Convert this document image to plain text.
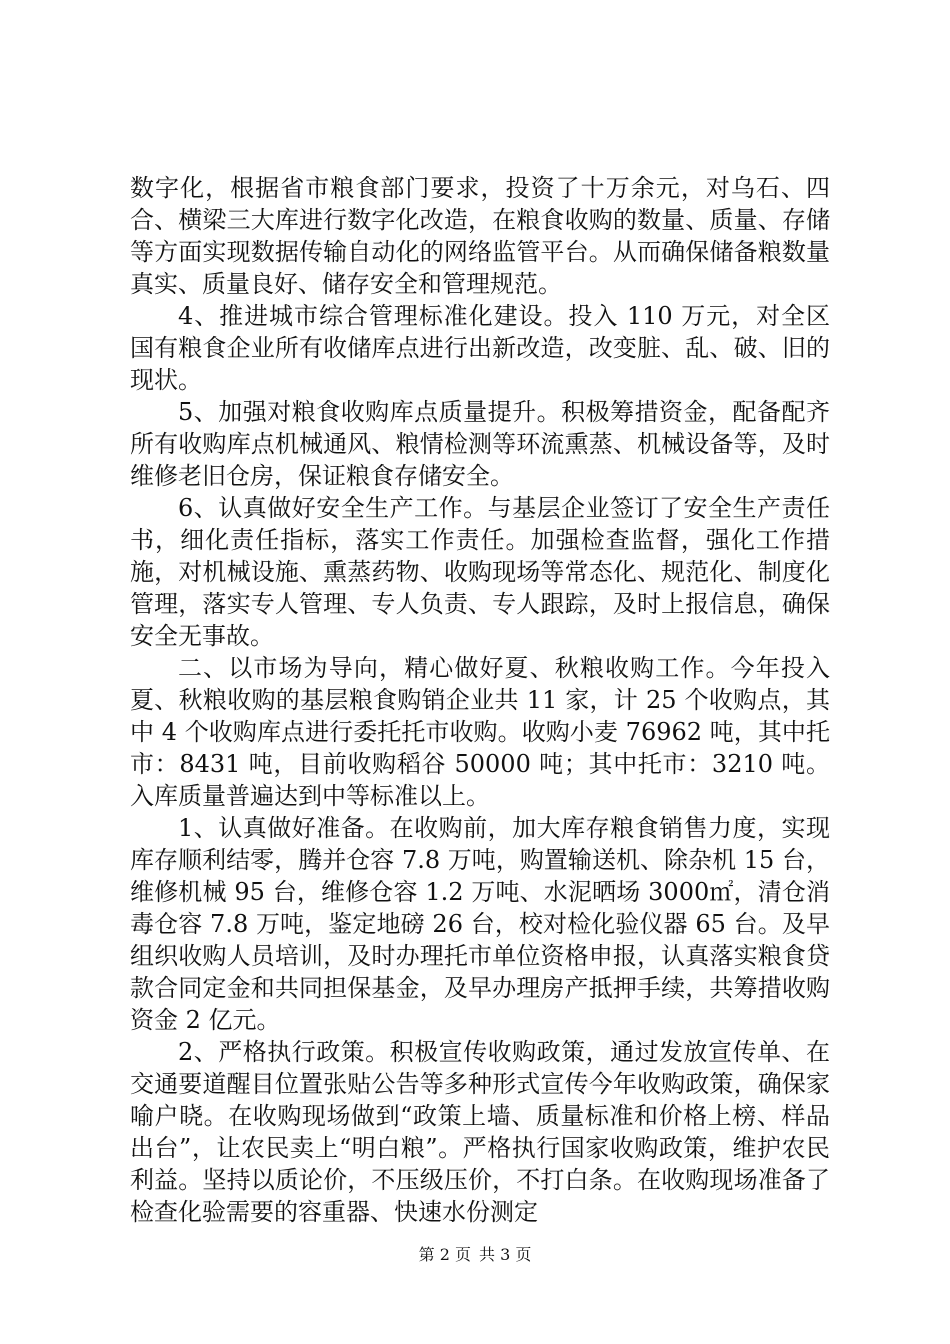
数字化，根据省市粮食部门要求，投资了十万余元，对乌石、四合、横梁三大库进行数字化改造，在粮食收购的数量、质量、存储等方面实现数据传输自动化的网络监管平台。从而确保储备粮数量真实、质量良好、储存安全和管理规范。

4、推进城市综合管理标准化建设。投入 110 万元，对全区国有粮食企业所有收储库点进行出新改造，改变脏、乱、破、旧的现状。

5、加强对粮食收购库点质量提升。积极筹措资金，配备配齐所有收购库点机械通风、粮情检测等环流熏蒸、机械设备等，及时维修老旧仓房，保证粮食存储安全。

6、认真做好安全生产工作。与基层企业签订了安全生产责任书，细化责任指标，落实工作责任。加强检查监督，强化工作措施，对机械设施、熏蒸药物、收购现场等常态化、规范化、制度化管理，落实专人管理、专人负责、专人跟踪，及时上报信息，确保安全无事故。

二、以市场为导向，精心做好夏、秋粮收购工作。今年投入夏、秋粮收购的基层粮食购销企业共 11 家，计 25 个收购点，其中 4 个收购库点进行委托托市收购。收购小麦 76962 吨，其中托市：8431 吨，目前收购稻谷 50000 吨；其中托市：3210 吨。入库质量普遍达到中等标准以上。

1、认真做好准备。在收购前，加大库存粮食销售力度，实现库存顺利结零，腾并仓容 7.8 万吨，购置输送机、除杂机 15 台，维修机械 95 台，维修仓容 1.2 万吨、水泥晒场 3000㎡，清仓消毒仓容 7.8 万吨，鉴定地磅 26 台，校对检化验仪器 65 台。及早组织收购人员培训，及时办理托市单位资格申报，认真落实粮食贷款合同定金和共同担保基金，及早办理房产抵押手续，共筹措收购资金 2 亿元。

2、严格执行政策。积极宣传收购政策，通过发放宣传单、在交通要道醒目位置张贴公告等多种形式宣传今年收购政策，确保家喻户晓。在收购现场做到“政策上墙、质量标准和价格上榜、样品出台”，让农民卖上“明白粮”。严格执行国家收购政策，维护农民利益。坚持以质论价，不压级压价，不打白条。在收购现场准备了检查化验需要的容重器、快速水份测定

第 2 页 共 3 页
